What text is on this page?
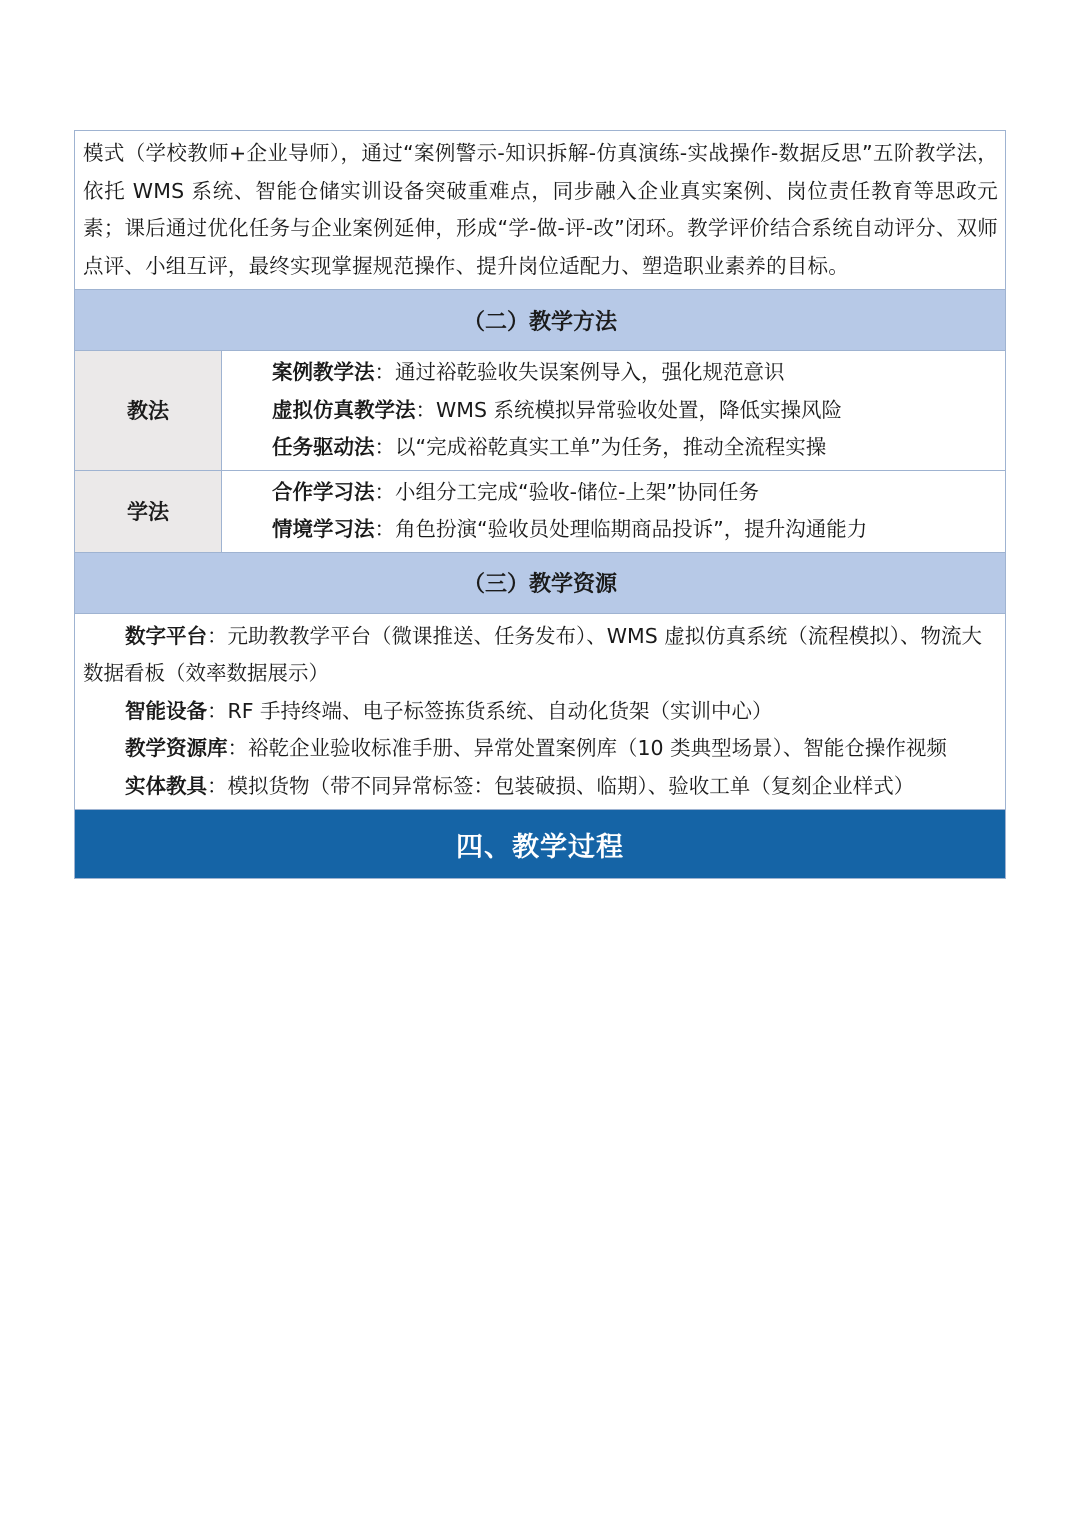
模式（学校教师+企业导师），通过“案例警示-知识拆解-仿真演练-实战操作-数据反思”五阶教学法，依托 WMS 系统、智能仓储实训设备突破重难点，同步融入企业真实案例、岗位责任教育等思政元素；课后通过优化任务与企业案例延伸，形成“学-做-评-改”闭环。教学评价结合系统自动评分、双师点评、小组互评，最终实现掌握规范操作、提升岗位适配力、塑造职业素养的目标。
（二）教学方法
教法
案例教学法：通过裕乾验收失误案例导入，强化规范意识
虚拟仿真教学法：WMS 系统模拟异常验收处置，降低实操风险
任务驱动法：以“完成裕乾真实工单”为任务，推动全流程实操
学法
合作学习法：小组分工完成“验收-储位-上架”协同任务
情境学习法：角色扮演“验收员处理临期商品投诉”，提升沟通能力
（三）教学资源
数字平台：元助教教学平台（微课推送、任务发布）、WMS 虚拟仿真系统（流程模拟）、物流大数据看板（效率数据展示）
智能设备：RF 手持终端、电子标签拣货系统、自动化货架（实训中心）
教学资源库：裕乾企业验收标准手册、异常处置案例库（10 类典型场景）、智能仓操作视频
实体教具：模拟货物（带不同异常标签：包装破损、临期）、验收工单（复刻企业样式）
四、教学过程
